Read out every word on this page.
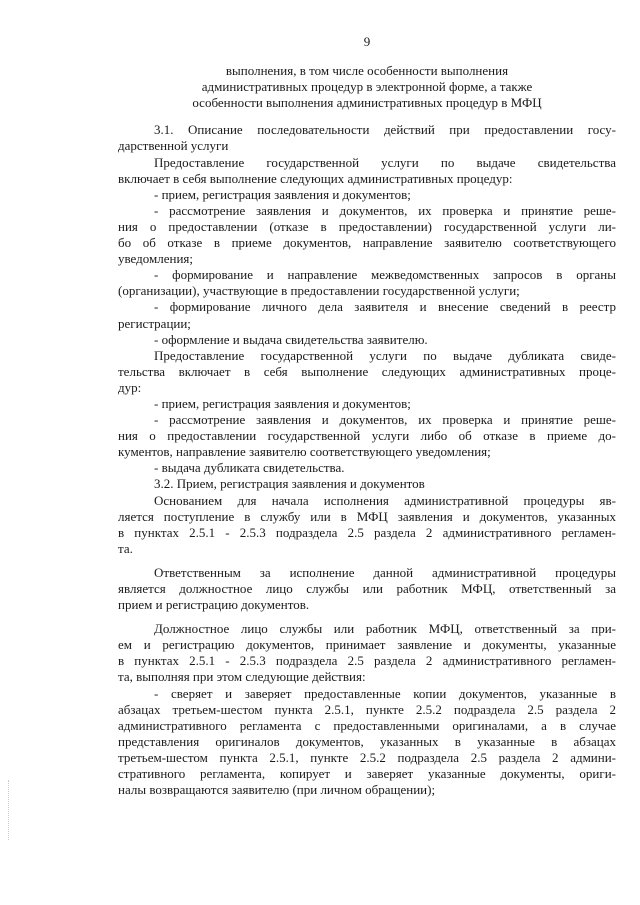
9
выполнения, в том числе особенности выполнения
административных процедур в электронной форме, а также
особенности выполнения административных процедур в МФЦ
3.1. Описание последовательности действий при предоставлении госу-
дарственной услуги
Предоставление государственной услуги по выдаче свидетельства
включает в себя выполнение следующих административных процедур:
- прием, регистрация заявления и документов;
- рассмотрение заявления и документов, их проверка и принятие реше-
ния о предоставлении (отказе в предоставлении) государственной услуги ли-
бо об отказе в приеме документов, направление заявителю соответствующего
уведомления;
- формирование и направление межведомственных запросов в органы
(организации), участвующие в предоставлении государственной услуги;
- формирование личного дела заявителя и внесение сведений в реестр
регистрации;
- оформление и выдача свидетельства заявителю.
Предоставление государственной услуги по выдаче дубликата свиде-
тельства включает в себя выполнение следующих административных проце-
дур:
- прием, регистрация заявления и документов;
- рассмотрение заявления и документов, их проверка и принятие реше-
ния о предоставлении государственной услуги либо об отказе в приеме до-
кументов, направление заявителю соответствующего уведомления;
- выдача дубликата свидетельства.
3.2. Прием, регистрация заявления и документов
Основанием для начала исполнения административной процедуры яв-
ляется поступление в службу или в МФЦ заявления и документов, указанных
в пунктах 2.5.1 - 2.5.3 подраздела 2.5 раздела 2 административного регламен-
та.
Ответственным за исполнение данной административной процедуры
является должностное лицо службы или работник МФЦ, ответственный за
прием и регистрацию документов.
Должностное лицо службы или работник МФЦ, ответственный за при-
ем и регистрацию документов, принимает заявление и документы, указанные
в пунктах 2.5.1 - 2.5.3 подраздела 2.5 раздела 2 административного регламен-
та, выполняя при этом следующие действия:
- сверяет и заверяет предоставленные копии документов, указанные в
абзацах третьем-шестом пункта 2.5.1, пункте 2.5.2 подраздела 2.5 раздела 2
административного регламента с предоставленными оригиналами, а в случае
представления оригиналов документов, указанных в указанные в абзацах
третьем-шестом пункта 2.5.1, пункте 2.5.2 подраздела 2.5 раздела 2 админи-
стративного регламента, копирует и заверяет указанные документы, ориги-
налы возвращаются заявителю (при личном обращении);
